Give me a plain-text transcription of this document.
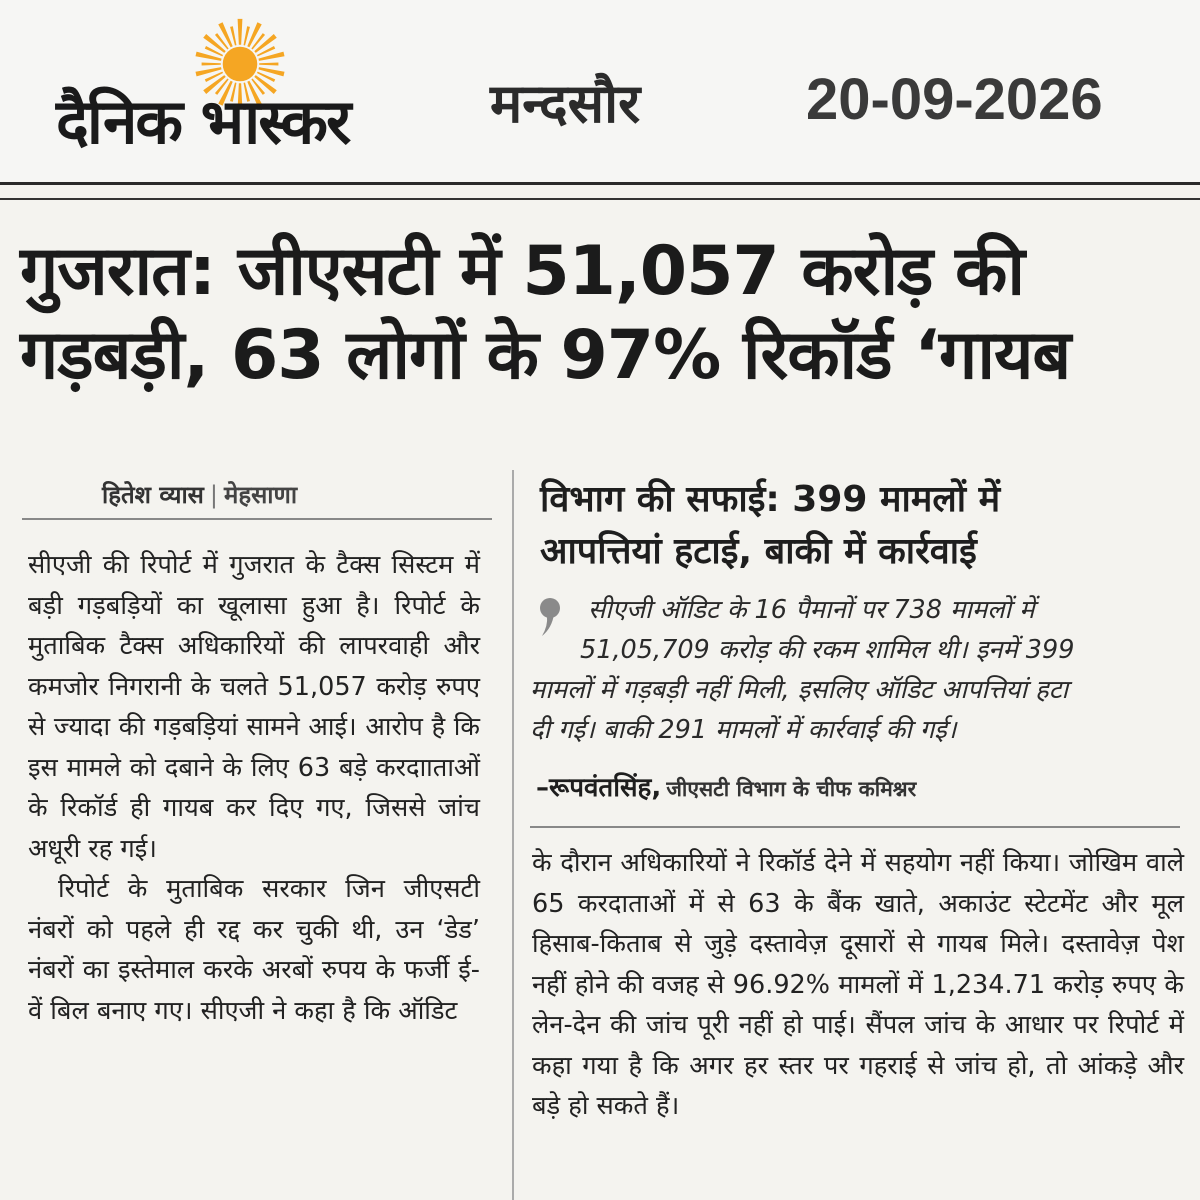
दैनिक भास्कर	मन्दसौर	20-09-2026
गुजरात: जीएसटी में 51,057 करोड़ की
गड़बड़ी, 63 लोगों के 97% रिकॉर्ड ‘गायब
हितेश व्यास | मेहसाणा

सीएजी की रिपोर्ट में गुजरात के टैक्स सिस्टम में बड़ी गड़बड़ियों का खूलासा हुआ है। रिपोर्ट के मुताबिक टैक्स अधिकारियों की लापरवाही और कमजोर निगरानी के चलते 51,057 करोड़ रुपए से ज्यादा की गड़बड़ियां सामने आई। आरोप है कि इस मामले को दबाने के लिए 63 बड़े करदााताओं के रिकॉर्ड ही गायब कर दिए गए, जिससे जांच अधूरी रह गई।

रिपोर्ट के मुताबिक सरकार जिन जीएसटी नंबरों को पहले ही रद्द कर चुकी थी, उन ‘डेड’ नंबरों का इस्तेमाल करके अरबों रुपय के फर्जी ई-वें बिल बनाए गए। सीएजी ने कहा है कि ऑडिट

विभाग की सफाई: 399 मामलों में
आपत्तियां हटाई, बाकी में कार्रवाई
सीएजी ऑडिट के 16 पैमानों पर 738 मामलों में
51,05,709 करोड़ की रकम शामिल थी। इनमें 399
मामलों में गड़बड़ी नहीं मिली, इसलिए ऑडिट आपत्तियां हटा
दी गई। बाकी 291 मामलों में कार्रवाई की गई।
–रूपवंतसिंह, जीएसटी विभाग के चीफ कमिश्नर

के दौरान अधिकारियों ने रिकॉर्ड देने में सहयोग नहीं किया। जोखिम वाले 65 करदाताओं में से 63 के बैंक खाते, अकाउंट स्टेटमेंट और मूल हिसाब-किताब से जुड़े दस्तावेज़ दूसारों से गायब मिले। दस्तावेज़ पेश नहीं होने की वजह से 96.92% मामलों में 1,234.71 करोड़ रुपए के लेन-देन की जांच पूरी नहीं हो पाई। सैंपल जांच के आधार पर रिपोर्ट में कहा गया है कि अगर हर स्तर पर गहराई से जांच हो, तो आंकड़े और बड़े हो सकते हैं।
